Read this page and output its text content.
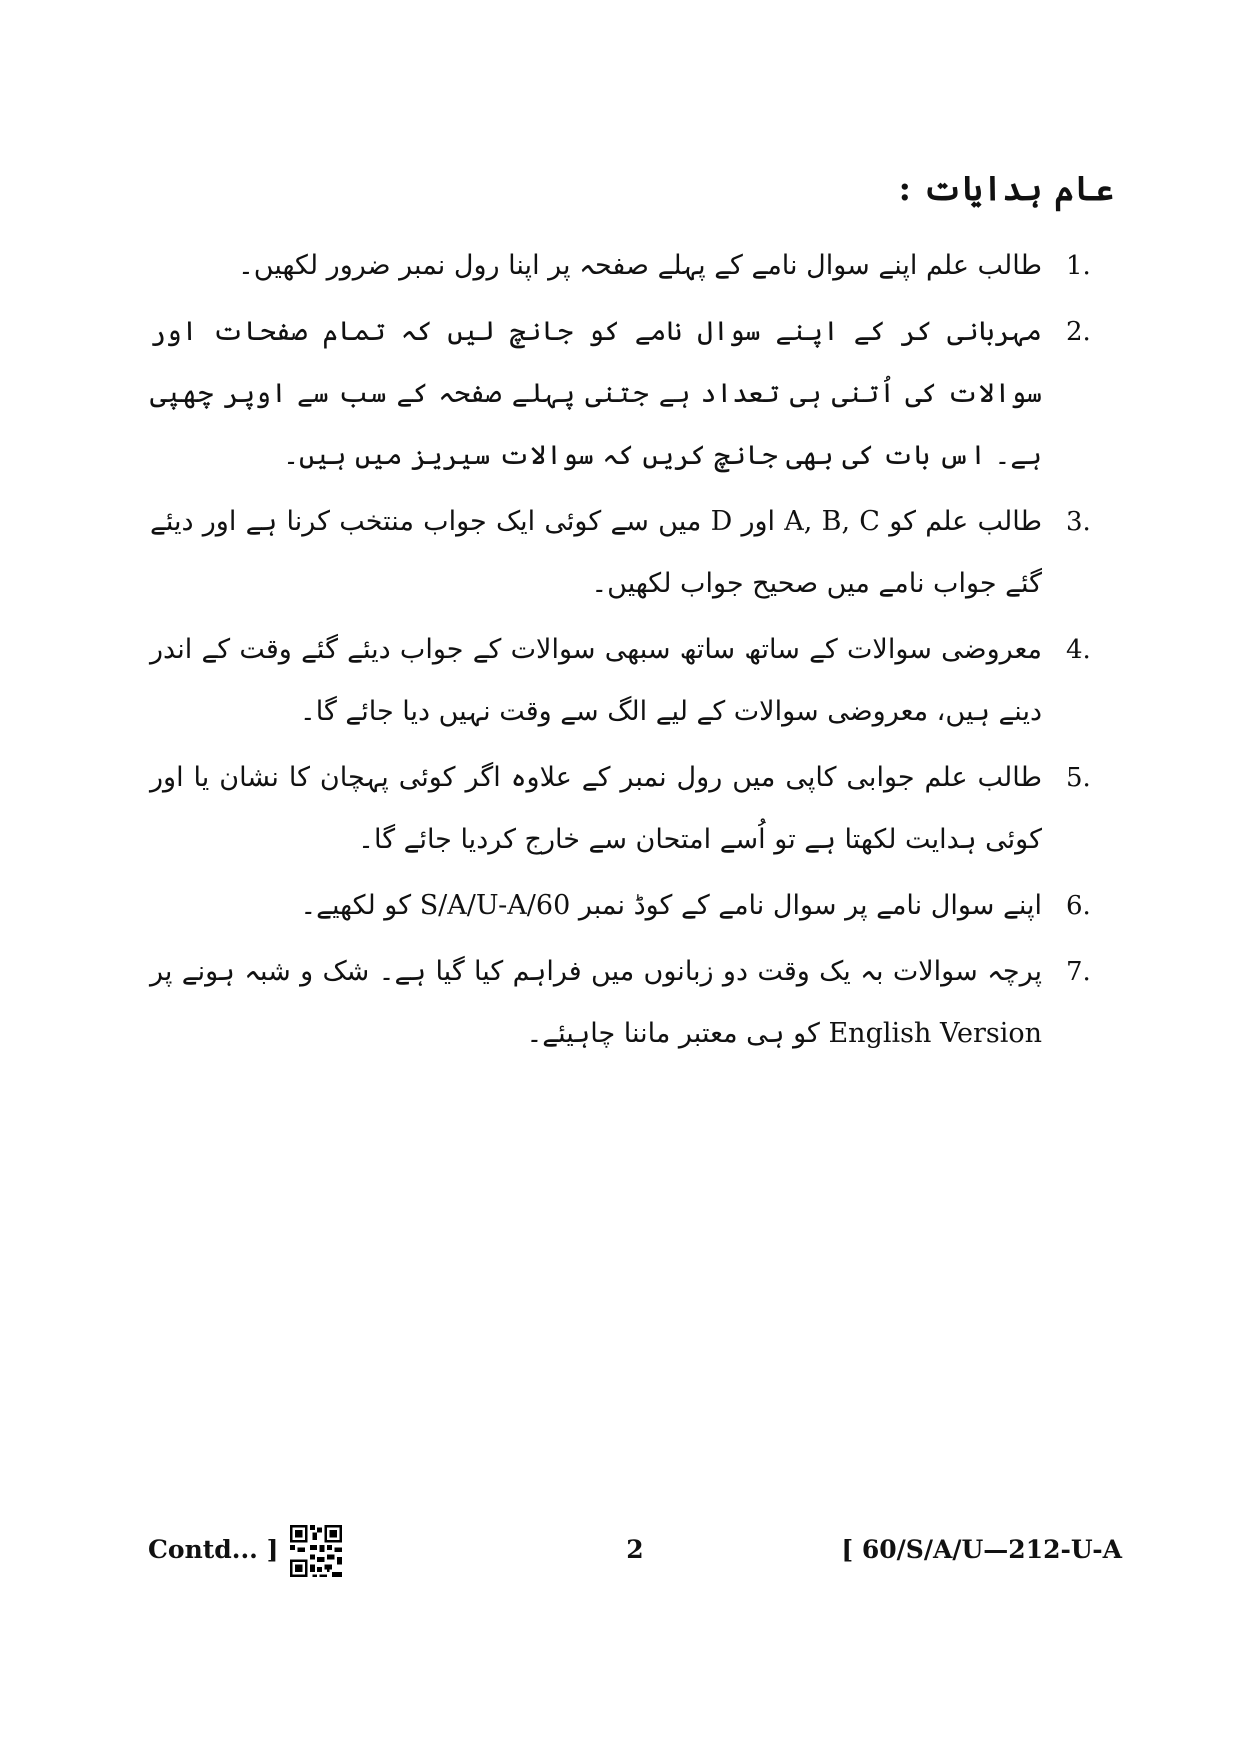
عام ہدایات :
1.
طالب علم اپنے سوال نامے کے پہلے صفحہ پر اپنا رول نمبر ضرور لکھیں۔
2.
مہربانی کر کے اپنے سوال نامے کو جانچ لیں کہ تمام صفحات اور سوالات کی اُتنی ہی تعداد ہے جتنی پہلے صفحہ کے سب سے اوپر چھپی ہے۔ اس بات کی بھی جانچ کریں کہ سوالات سیریز میں ہیں۔
3.
طالب علم کو A, B, C اور D میں سے کوئی ایک جواب منتخب کرنا ہے اور دیئے گئے جواب نامے میں صحیح جواب لکھیں۔
4.
معروضی سوالات کے ساتھ ساتھ سبھی سوالات کے جواب دیئے گئے وقت کے اندر دینے ہیں، معروضی سوالات کے لیے الگ سے وقت نہیں دیا جائے گا۔
5.
طالب علم جوابی کاپی میں رول نمبر کے علاوہ اگر کوئی پہچان کا نشان یا اور کوئی ہدایت لکھتا ہے تو اُسے امتحان سے خارج کردیا جائے گا۔
6.
اپنے سوال نامے پر سوال نامے کے کوڈ نمبر 60/S/A/U-A کو لکھیے۔
7.
پرچہ سوالات بہ یک وقت دو زبانوں میں فراہم کیا گیا ہے۔ شک و شبہ ہونے پر English Version کو ہی معتبر ماننا چاہیئے۔
Contd... ]	2	[ 60/S/A/U—212-U-A
